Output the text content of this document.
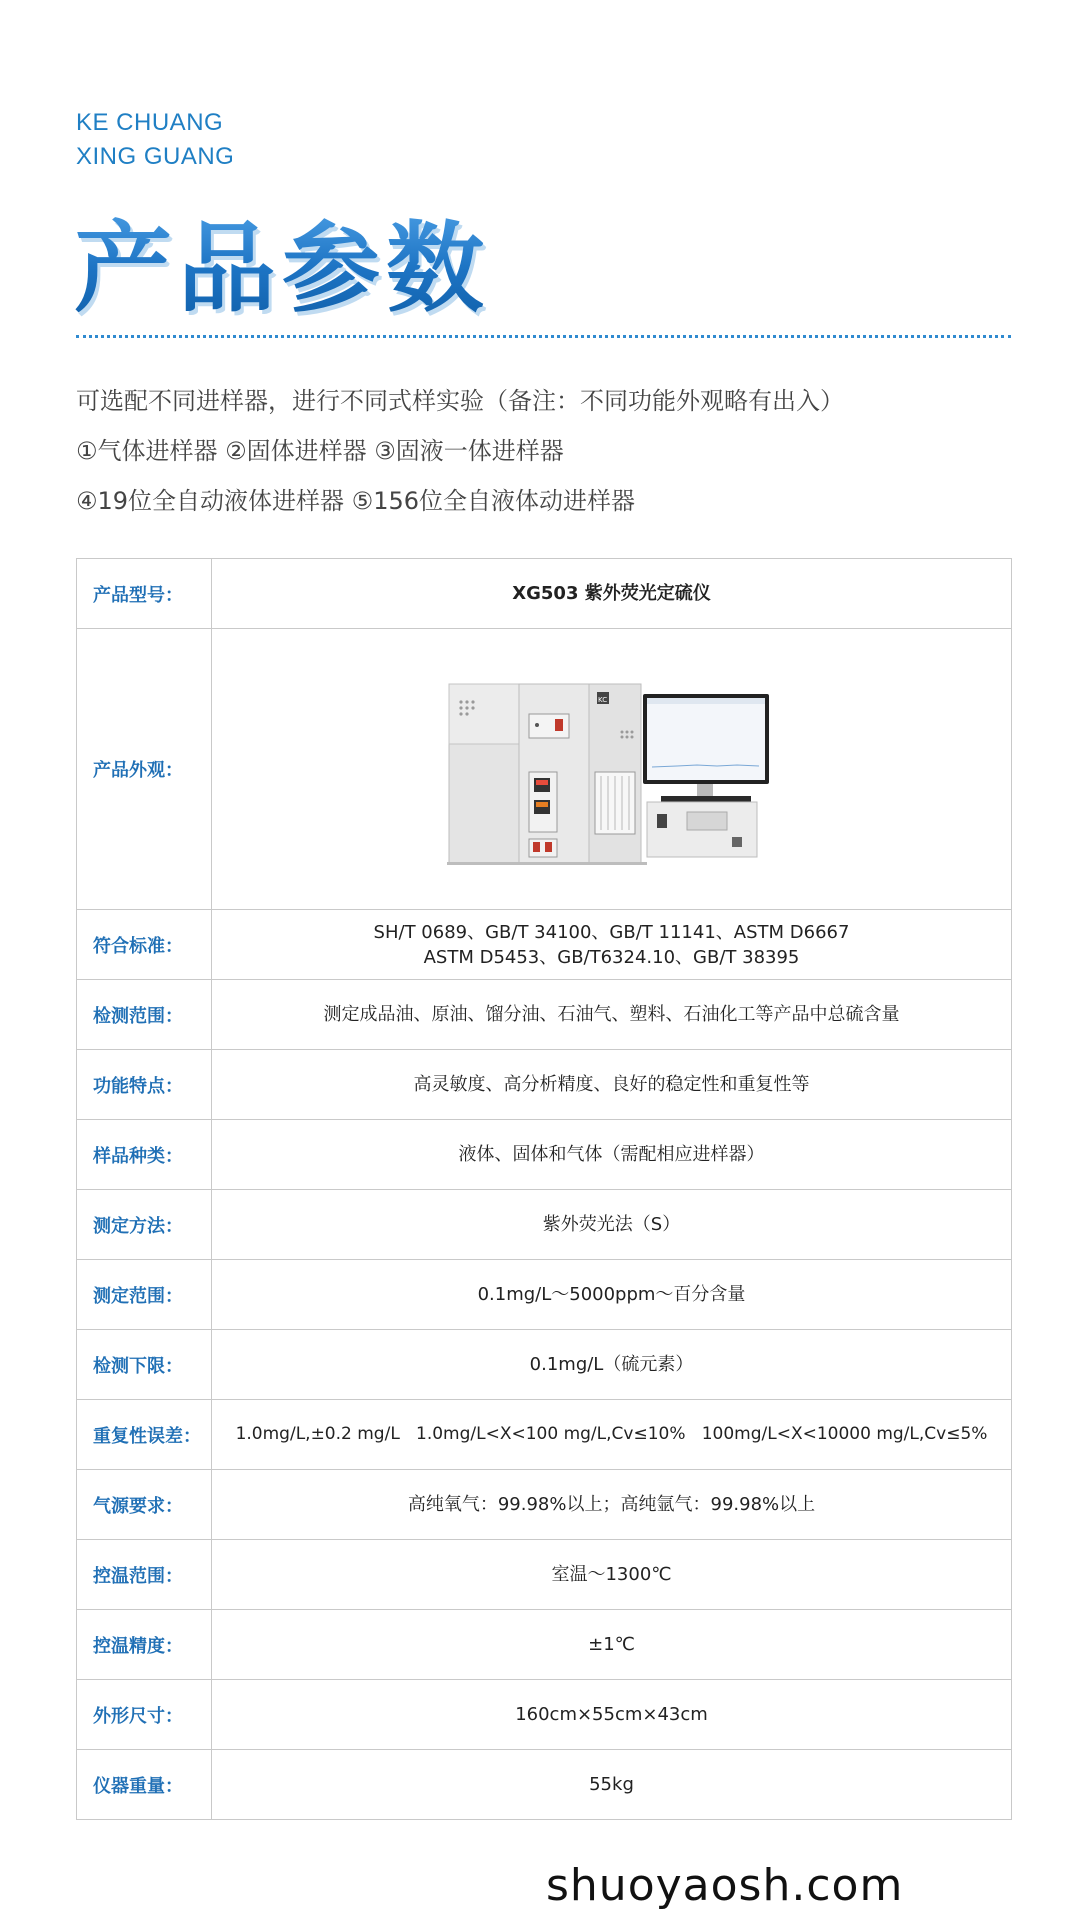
KE CHUANG
XING GUANG
产品参数
可选配不同进样器，进行不同式样实验（备注：不同功能外观略有出入）
①气体进样器 ②固体进样器 ③固液一体进样器
④19位全自动液体进样器 ⑤156位全自液体动进样器
产品型号：	XG503 紫外荧光定硫仪
产品外观：	KC

符合标准：	SH/T 0689、GB/T 34100、GB/T 11141、ASTM D6667
ASTM D5453、GB/T6324.10、GB/T 38395

检测范围：	测定成品油、原油、馏分油、石油气、塑料、石油化工等产品中总硫含量
功能特点：	高灵敏度、高分析精度、良好的稳定性和重复性等
样品种类：	液体、固体和气体（需配相应进样器）
测定方法：	紫外荧光法（S）
测定范围：	0.1mg/L～5000ppm～百分含量
检测下限：	0.1mg/L（硫元素）
重复性误差：	1.0mg/L,±0.2 mg/L   1.0mg/L<X<100 mg/L,Cv≤10%   100mg/L<X<10000 mg/L,Cv≤5%
气源要求：	高纯氧气：99.98%以上；高纯氩气：99.98%以上
控温范围：	室温～1300℃
控温精度：	±1℃
外形尺寸：	160cm×55cm×43cm
仪器重量：	55kg
shuoyaosh.com
